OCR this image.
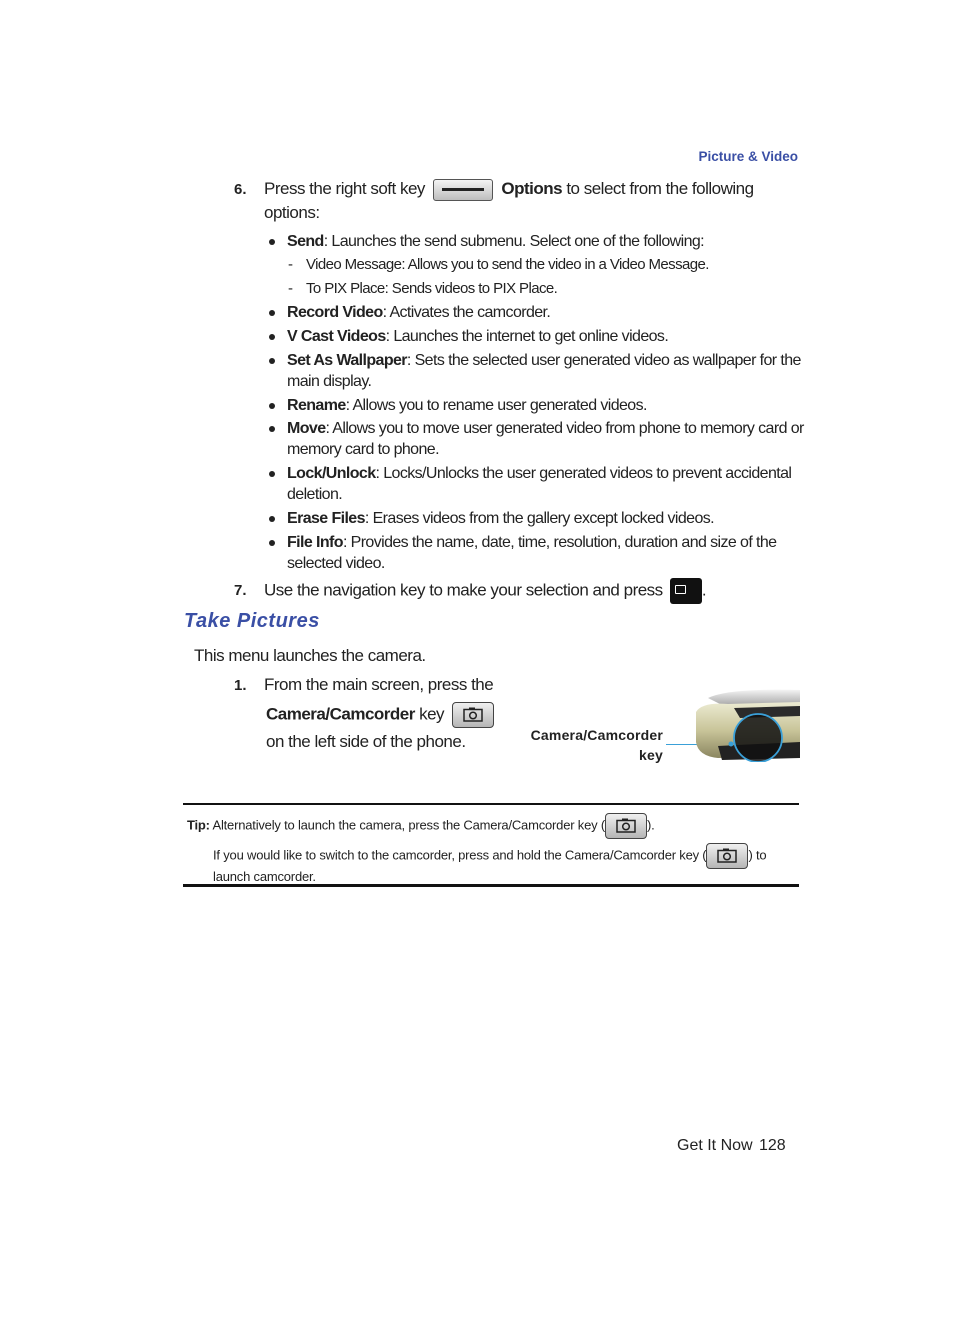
Picture & Video
6. Press the right soft key	Options to select from the following
options:
Send: Launches the send submenu. Select one of the following:
- Video Message: Allows you to send the video in a Video Message.
- To PIX Place: Sends videos to PIX Place.
Record Video: Activates the camcorder.
V Cast Videos: Launches the internet to get online videos.
Set As Wallpaper: Sets the selected user generated video as wallpaper for the
main display.
Rename: Allows you to rename user generated videos.
Move: Allows you to move user generated video from phone to memory card or
memory card to phone.
Lock/Unlock: Locks/Unlocks the user generated videos to prevent accidental
deletion.
Erase Files: Erases videos from the gallery except locked videos.
File Info: Provides the name, date, time, resolution, duration and size of the
selected video.
7. Use the navigation key to make your selection and press .
Take Pictures
This menu launches the camera.
1. From the main screen, press the
Camera/Camcorder key
on the left side of the phone.	Camera/Camcorder
key
Tip: Alternatively to launch the camera, press the Camera/Camcorder key (	).
If you would like to switch to the camcorder, press and hold the Camera/Camcorder key (	) to
launch camcorder.
Get It Now 128
